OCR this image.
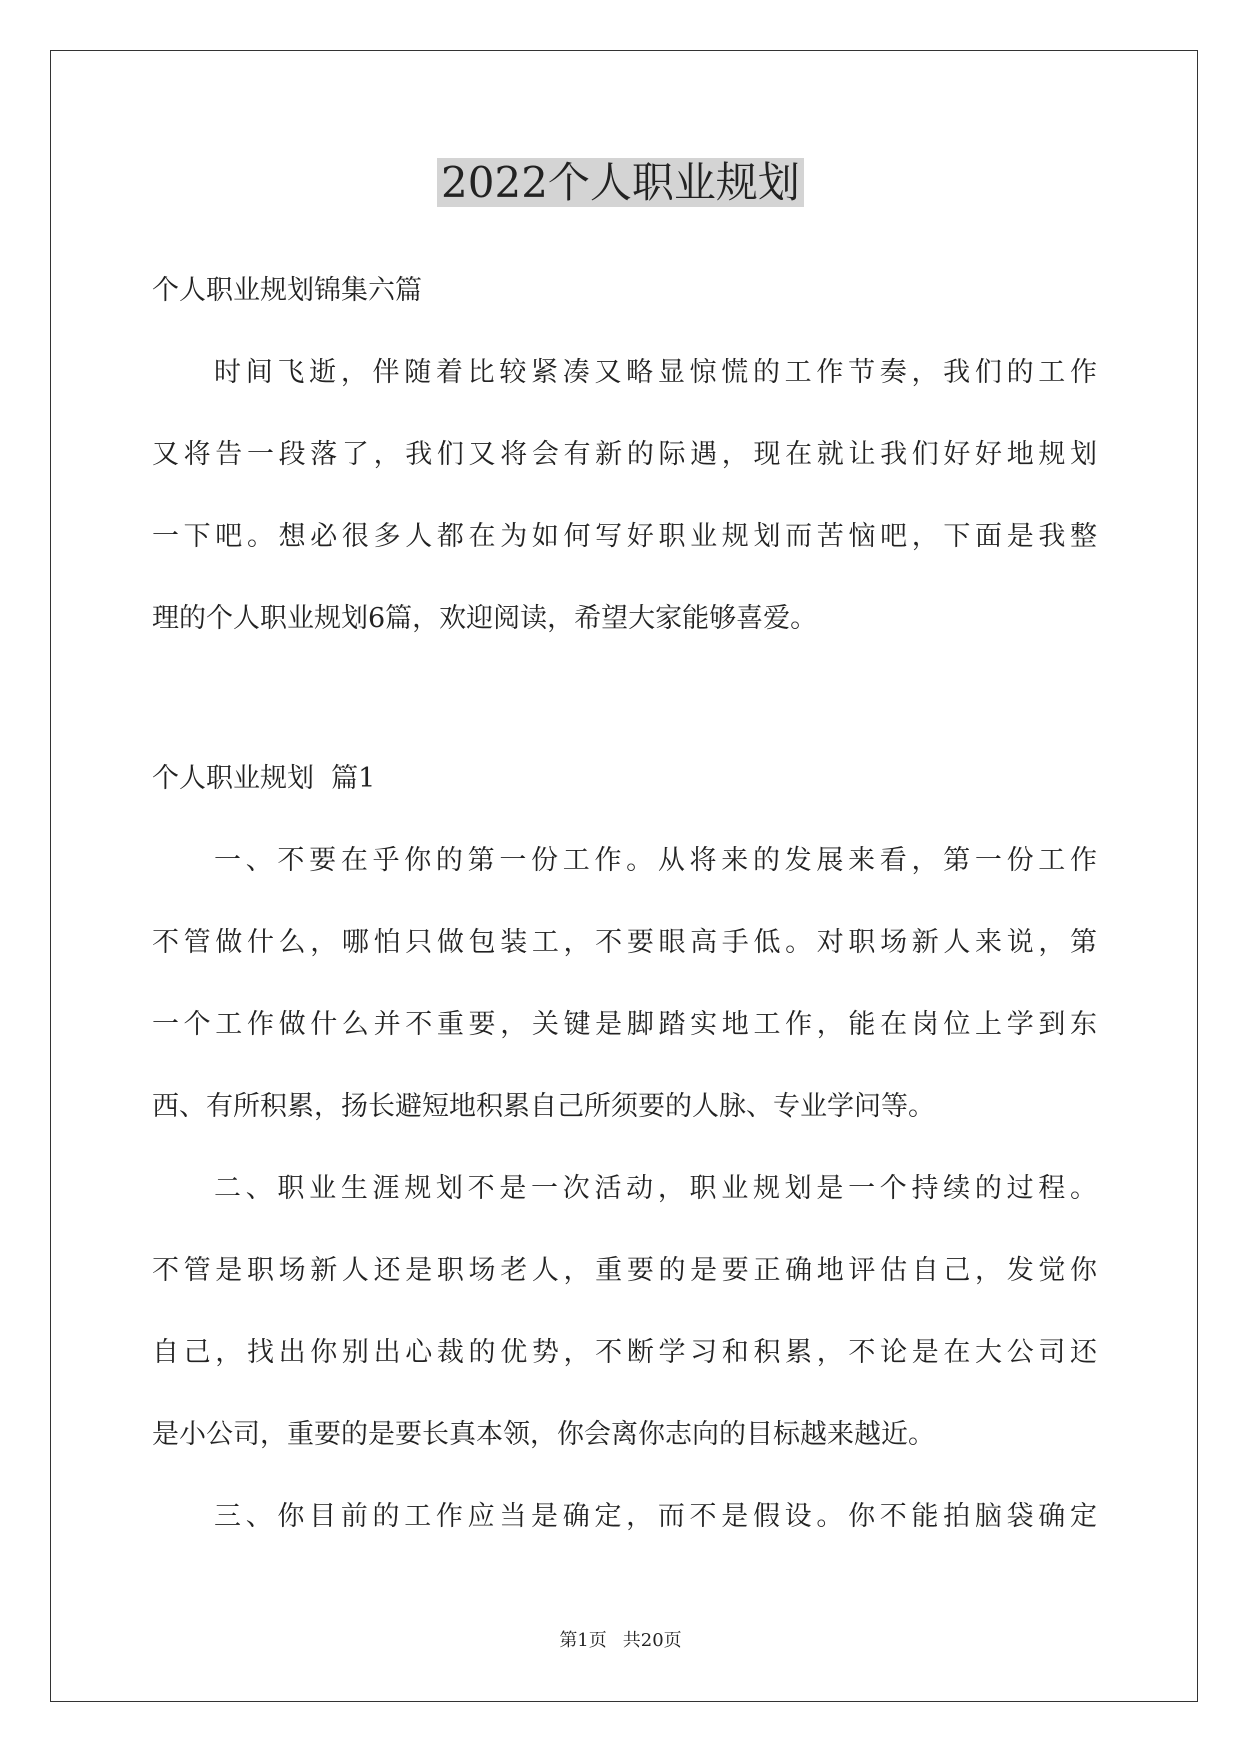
2022个人职业规划
个人职业规划锦集六篇
时间飞逝，伴随着比较紧凑又略显惊慌的工作节奏，我们的工作
又将告一段落了，我们又将会有新的际遇，现在就让我们好好地规划
一下吧。想必很多人都在为如何写好职业规划而苦恼吧，下面是我整
理的个人职业规划6篇，欢迎阅读，希望大家能够喜爱。
个人职业规划  篇1
一、不要在乎你的第一份工作。从将来的发展来看，第一份工作
不管做什么，哪怕只做包装工，不要眼高手低。对职场新人来说，第
一个工作做什么并不重要，关键是脚踏实地工作，能在岗位上学到东
西、有所积累，扬长避短地积累自己所须要的人脉、专业学问等。
二、职业生涯规划不是一次活动，职业规划是一个持续的过程。
不管是职场新人还是职场老人，重要的是要正确地评估自己，发觉你
自己，找出你别出心裁的优势，不断学习和积累，不论是在大公司还
是小公司，重要的是要长真本领，你会离你志向的目标越来越近。
三、你目前的工作应当是确定，而不是假设。你不能拍脑袋确定
第1页 共20页
